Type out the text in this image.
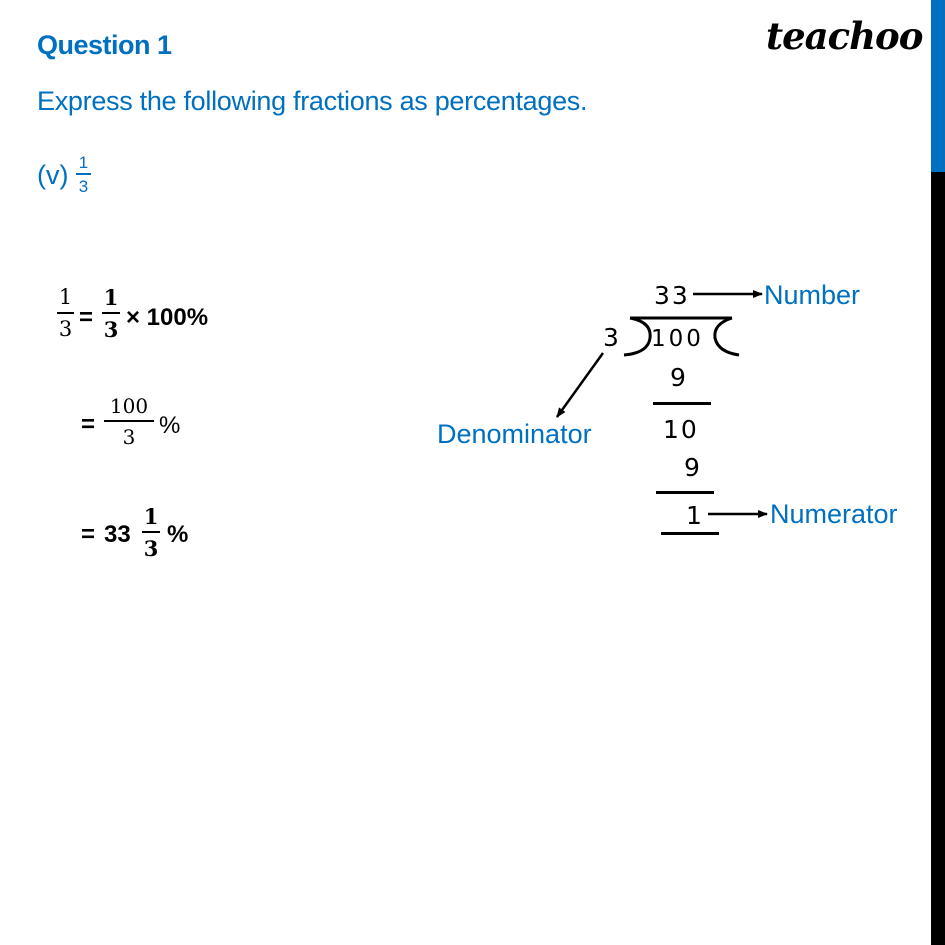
Question 1	teachoo
Express the following fractions as percentages.
(v) 1
3
1
3 =
1
3 × 100%
=
100
3 %
= 33
1
3
%
33
3 100
9
10
9
1
Number
Denominator
Numerator
